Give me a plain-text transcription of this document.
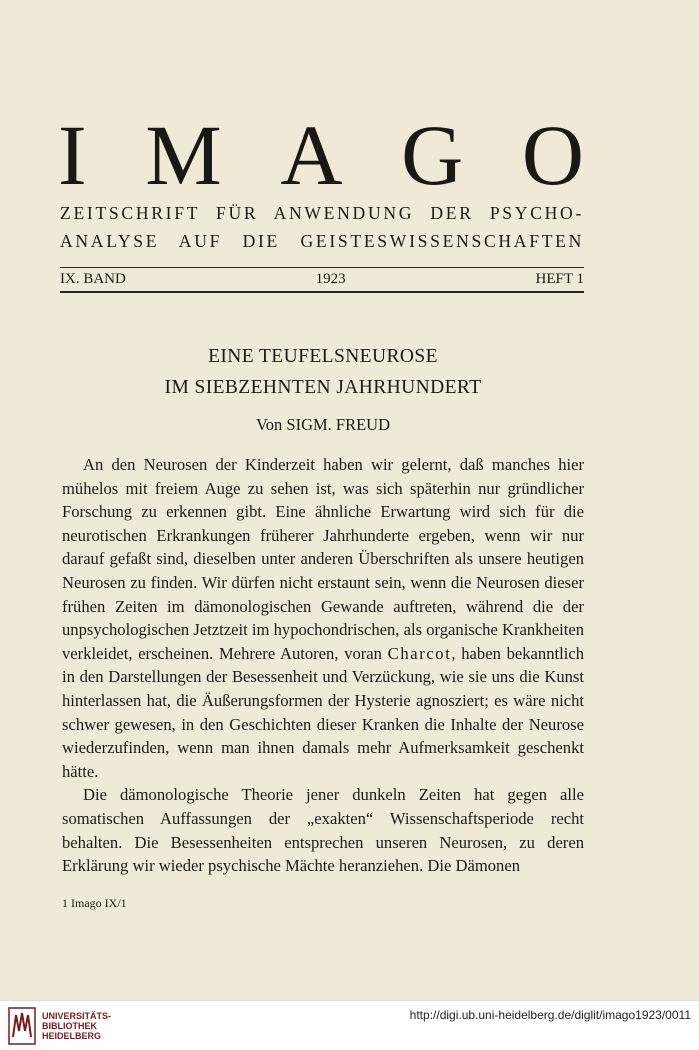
I M A G O
ZEITSCHRIFT FÜR ANWENDUNG DER PSYCHO-
ANALYSE AUF DIE GEISTESWISSENSCHAFTEN
IX. BAND	1923	HEFT 1
EINE TEUFELSNEUROSE
IM SIEBZEHNTEN JAHRHUNDERT
Von SIGM. FREUD

An den Neurosen der Kinderzeit haben wir gelernt, daß manches hier mühelos mit freiem Auge zu sehen ist, was sich späterhin nur gründlicher Forschung zu erkennen gibt. Eine ähnliche Erwartung wird sich für die neurotischen Erkrankungen früherer Jahrhunderte ergeben, wenn wir nur darauf gefaßt sind, dieselben unter anderen Überschriften als unsere heutigen Neurosen zu finden. Wir dürfen nicht erstaunt sein, wenn die Neurosen dieser frühen Zeiten im dämonologischen Gewande auftreten, während die der unpsychologischen Jetztzeit im hypochondrischen, als organische Krankheiten verkleidet, erscheinen. Mehrere Autoren, voran Charcot, haben bekanntlich in den Darstellungen der Besessenheit und Verzückung, wie sie uns die Kunst hinterlassen hat, die Äußerungsformen der Hysterie agnosziert; es wäre nicht schwer gewesen, in den Geschichten dieser Kranken die Inhalte der Neurose wiederzufinden, wenn man ihnen damals mehr Aufmerksamkeit geschenkt hätte.

Die dämonologische Theorie jener dunkeln Zeiten hat gegen alle somatischen Auffassungen der „exakten“ Wissenschaftsperiode recht behalten. Die Besessenheiten entsprechen unseren Neurosen, zu deren Erklärung wir wieder psychische Mächte heranziehen. Die Dämonen

1 Imago IX/1
UNIVERSITÄTS-
BIBLIOTHEK
HEIDELBERG
http://digi.ub.uni-heidelberg.de/diglit/imago1923/0011
